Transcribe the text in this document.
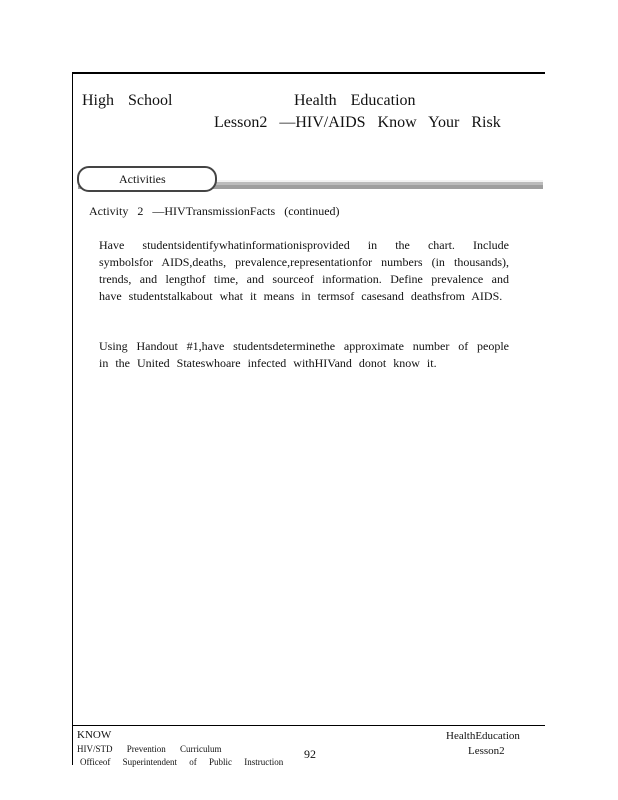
High School	Health Education
Lesson2 —HIV/AIDS Know Your Risk
Activities
Activity 2 —HIVTransmissionFacts (continued)
Have studentsidentifywhatinformationisprovided in the chart. Include symbolsfor AIDS,deaths, prevalence,representationfor numbers (in thousands), trends, and lengthof time, and sourceof information. Define prevalence and have studentstalkabout what it means in termsof casesand deathsfrom AIDS.
Using Handout #1,have studentsdeterminethe approximate number of people in the United Stateswhoare infected withHIVand donot know it.
KNOW
HIV/STD Prevention Curriculum
Officeof Superintendent of Public Instruction
92
HealthEducation
Lesson2
